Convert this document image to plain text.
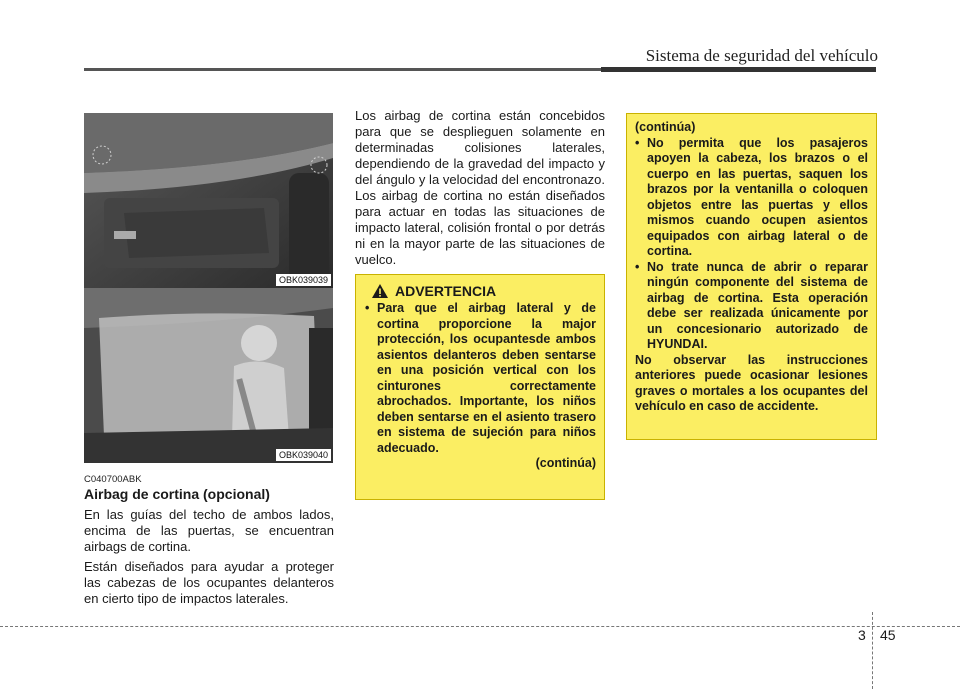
Sistema de seguridad del vehículo
OBK039039
OBK039040
C040700ABK
Airbag de cortina (opcional)

En las guías del techo de ambos lados, encima de las puertas, se encuentran airbags de cortina.

Están diseñados para ayudar a proteger las cabezas de los ocupantes delanteros en cierto tipo de impactos laterales.

Los airbag de cortina están concebidos para que se desplieguen solamente en determinadas colisiones laterales, dependiendo de la gravedad del impacto y del ángulo y la velocidad del encontronazo. Los airbag de cortina no están diseñados para actuar en todas las situaciones de impacto lateral, colisión frontal o por detrás ni en la mayor parte de las situaciones de vuelco.

ADVERTENCIA
• Para que el airbag lateral y de cortina proporcione la major protección, los ocupantesde ambos asientos delanteros deben sentarse en una posición vertical con los cinturones correctamente abrochados. Importante, los niños deben sentarse en el asiento trasero en sistema de sujeción para niños adecuado.
(continúa)
(continúa)
• No permita que los pasajeros apoyen la cabeza, los brazos o el cuerpo en las puertas, saquen los brazos por la ventanilla o coloquen objetos entre las puertas y ellos mismos cuando ocupen asientos equipados con airbag lateral o de cortina.
• No trate nunca de abrir o reparar ningún componente del sistema de airbag de cortina. Esta operación debe ser realizada únicamente por un concesionario autorizado de HYUNDAI.
No observar las instrucciones anteriores puede ocasionar lesiones graves o mortales a los ocupantes del vehículo en caso de accidente.
3 45
